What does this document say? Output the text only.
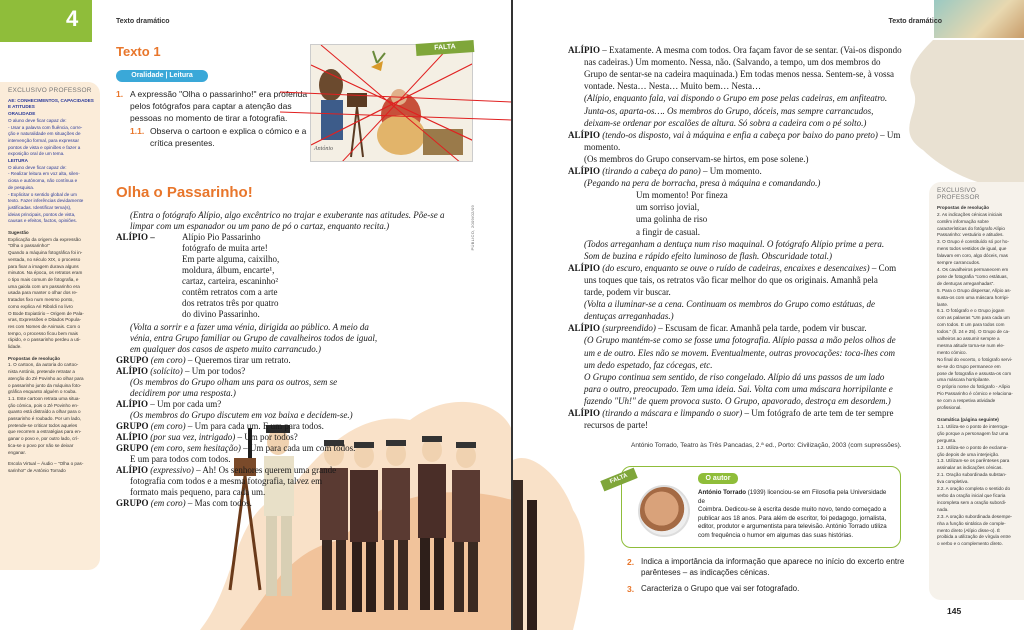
4	Texto dramático
EXCLUSIVO PROFESSOR
AE: CONHECIMENTOS, CAPACIDADES
E ATITUDES
ORALIDADE
O aluno deve ficar capaz de:
- Usar a palavra com fluência, corre-
ção e naturalidade em situações de
intervenção formal, para expressar
pontos de vista e opiniões e fazer a
exposição oral de um tema.
LEITURA
O aluno deve ficar capaz de:
- Realizar leitura em voz alta, silen-
ciosa e autónoma, não contínua e
de pesquisa.
- Explicitar o sentido global de um
texto. Fazer inferências devidamente
justificadas. Identificar tema(s),
ideias principais, pontos de vista,
causas e efeitos, factos, opiniões.
Sugestão
Explicação da origem da expressão
"Olha o passarinho!"
Quando a máquina fotográfica foi in-
ventada, no século XIX, o processo
para fixar a imagem durava alguns
minutos. Na época, os retratos eram
o tipo mais comum de fotografia, e
uma gaiola com um passarinho era
usada para manter o olhar dos re-
tratados fixo num mesmo ponto,
como explica Ari Riboldi no livro
O Bode Expiatório – Origem de Pala-
vras, Expressões e Ditados Popula-
res com Nomes de Animais. Com o
tempo, o processo ficou bem mais
rápido, e o passarinho perdeu a uti-
lidade.
Propostas de resolução
1. O cartoon, da autoria do cartoo-
nista António, pretende retratar a
atenção do Zé Povinho ao olhar para
o passarinho junto da máquina foto-
gráfica enquanto alguém o rouba.
1.1. Este cartoon retrata uma situa-
ção cómica, pois o Zé Povinho en-
quanto está distraído a olhar para o
passarinho é roubado. Por um lado,
pretende-se criticar todos aqueles
que recorrem a estratégias para en-
ganar o povo e, por outro lado, crí-
tica-se o povo por não se deixar
enganar.
Escola Virtual – Áudio – "Olha o pas-
sarinho!" de António Torrado
Texto 1
Oralidade | Leitura
1. A expressão "Olha o passarinho!" era proferida
pelos fotógrafos para captar a atenção das
pessoas no momento de tirar a fotografia.
1.1. Observa o cartoon e explica o cómico e a
crítica presentes.
FALTA
António
Olha o Passarinho!
PÚBLICO, 2009/02/09
(Entra o fotógrafo Alípio, algo excêntrico no trajar e exuberante nas atitudes. Põe-se a
limpar com um espanador ou um pano de pó o cartaz, enquanto recita.)
ALÍPIO –	Alípio Pio Passarinho
fotógrafo de muita arte!
Em parte alguma, caixilho,
moldura, álbum, encarte¹,
cartaz, carteira, escaninho²
contêm retratos com a arte
dos retratos três por quatro
do divino Passarinho.
(Volta a sorrir e a fazer uma vénia, dirigida ao público. A meio da
vénia, entra Grupo familiar ou Grupo de cavalheiros todos de igual,
em qualquer dos casos de aspeto muito carrancudo.)
GRUPO (em coro) – Queremos tirar um retrato.
ALÍPIO (solícito) – Um por todos?
(Os membros do Grupo olham uns para os outros, sem se
decidirem por uma resposta.)
ALÍPIO – Um por cada um?
(Os membros do Grupo discutem em voz baixa e decidem-se.)
GRUPO (em coro) – Um para cada um. E um para todos.
ALÍPIO (por sua vez, intrigado) – Um por todos?
GRUPO (em coro, sem hesitação) – Um para cada um com todos.
E um para todos com todos.
ALÍPIO (expressivo) – Ah! Os senhores querem uma grande
fotografia com todos e a mesma fotografia, talvez em
formato mais pequeno, para cada um.
GRUPO (em coro) – Mas com todos.
Texto dramático
ALÍPIO – Exatamente. A mesma com todos. Ora façam favor de se sentar. (Vai-os dispondo
nas cadeiras.) Um momento. Nessa, não. (Salvando, a tempo, um dos membros do
Grupo de sentar-se na cadeira maquinada.) Em todas menos nessa. Sentem-se, à vossa
vontade. Nesta… Nesta… Muito bem… Nesta…
(Alípio, enquanto fala, vai dispondo o Grupo em pose pelas cadeiras, em anfiteatro.
Junta-os, aparta-os…. Os membros do Grupo, dóceis, mas sempre carrancudos,
deixam-se ordenar por escalões de altura. Só sobra a cadeira com o pé solto.)
ALÍPIO (tendo-os disposto, vai à máquina e enfia a cabeça por baixo do pano preto) – Um
momento.
(Os membros do Grupo conservam-se hirtos, em pose solene.)
ALÍPIO (tirando a cabeça do pano) – Um momento.
(Pegando na pera de borracha, presa à máquina e comandando.)
Um momento! Por fineza
um sorriso jovial,
uma golinha de riso
a fingir de casual.
(Todos arreganham a dentuça num riso maquinal. O fotógrafo Alípio prime a pera.
Som de buzina e rápido efeito luminoso de flash. Obscuridade total.)
ALÍPIO (do escuro, enquanto se ouve o ruído de cadeiras, encaixes e desencaixes) – Com
uns toques que tais, os retratos vão ficar melhor do que os originais. Amanhã pela
tarde, podem vir buscar.
(Volta a iluminar-se a cena. Continuam os membros do Grupo como estátuas, de
dentuças arreganhadas.)
ALÍPIO (surpreendido) – Escusam de ficar. Amanhã pela tarde, podem vir buscar.
(O Grupo mantém-se como se fosse uma fotografia. Alípio passa a mão pelos olhos de
um e de outro. Eles não se movem. Eventualmente, outras provocações: toca-lhes com
um dedo espetado, faz cócegas, etc.
O Grupo continua sem sentido, de riso congelado. Alípio dá uns passos de um lado
para o outro, preocupado. Tem uma ideia. Sai. Volta com uma máscara horripilante e
fazendo "Uh!" de quem provoca susto. O Grupo, apavorado, destroça em desordem.)
ALÍPIO (tirando a máscara e limpando o suor) – Um fotógrafo de arte tem de ter sempre
recursos de parte!
António Torrado, Teatro às Três Pancadas, 2.ª ed., Porto: Civilização, 2003 (com supressões).
O autor
António Torrado (1939) licenciou-se em Filosofia pela Universidade de
Coimbra. Dedicou-se à escrita desde muito novo, tendo começado a
publicar aos 18 anos. Para além de escritor, foi pedagogo, jornalista,
editor, produtor e argumentista para televisão. António Torrado utiliza
com frequência o humor em algumas das suas histórias.
FALTA
2. Indica a importância da informação que aparece no início do excerto entre
parênteses – as indicações cénicas.
3. Caracteriza o Grupo que vai ser fotografado.
EXCLUSIVO PROFESSOR
Propostas de resolução
2. As indicações cénicas iniciais
contêm informação sobre
características do fotógrafo Alípio
Passarinho: vestuário e atitudes.
3. O Grupo é constituído só por ho-
mens todos vestidos de igual, que
falavam em coro, algo dóceis, mas
sempre carrancudos.
4. Os cavalheiros permanecem em
pose de fotografia "como estátuas,
de dentuças arreganhadas".
5. Para o Grupo dispersar, Alípio as-
susta-os com uma máscara horripi-
lante.
6.1. O fotógrafo e o Grupo jogam
com as palavras "Um para cada um
com todos. E um para todos com
todos." (ll. 24 e 25). O Grupo de ca-
valheiros ao assumir sempre a
mesma atitude torna-se num ele-
mento cómico.
No final do excerto, o fotógrafo servi-
se-se do Grupo permanece em
pose de fotografia e assusta-os com
uma máscara horripilante.
O próprio nome do fotógrafo - Alípio
Pio Passarinho é cómico e relaciona-
se com a respetiva atividade profissional.
Gramática (página seguinte)
1.1. Utiliza-se o ponto de interroga-
ção porque a personagem faz uma
pergunta.
1.2. Utiliza-se o ponto de exclama-
ção depois de uma interjeição.
1.3. Utilizam-se os parênteses para
assinalar as indicações cénicas.
2.1. Oração subordinada substan-
tiva completiva.
2.2. A oração completa o sentido do
verbo da oração inicial que ficaria
incompleta sem a oração subordi-
nada.
2.3. A oração subordinada desempe-
nha a função sintática de comple-
mento direto (Alípio disse-o). É
proibida a utilização de vírgula entre
o verbo e o complemento direto.
145
